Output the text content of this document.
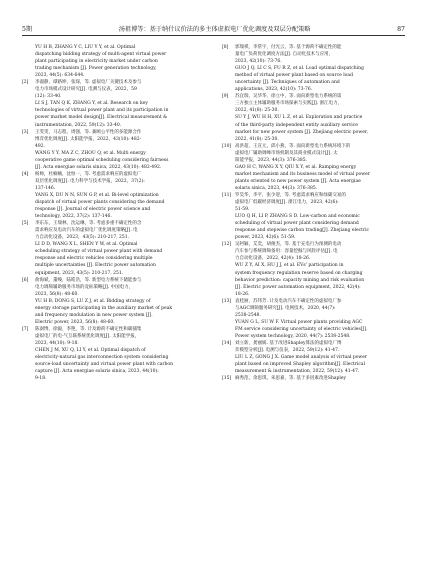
5期	汤祖博等：基于纳什议价法的多主体虚拟电厂优化调度及双层分配策略	87
YU H B, ZHANG Y C, LIU Y Y, et al. Optimal
dispatching bidding strategy of multi-agent virtual power
plant participating in electricity market under carbon
trading mechanism [J]. Power generation technology,
2023, 44(5): 634-644.
[2]	李淑静，谭路坤，张琛，等. 虚拟电厂关键技术及参与
电力市场模式设计研究[J]. 电测与仪表，2022，59
(12): 33-40.
LI S J, TAN Q K, ZHANG Y, et al. Research on key
technologies of virtual power plant and its participation in
power market model design[J]. Electrical measurement &
instrumentation, 2022, 59(12): 33-40.
[3]	王雯雯，马志程，周强，等. 兼顾公平性的多能源合作
博弈优化调度[J]. 太阳能学报，2022，43(10): 482-
492.
WANG Y Y, MA Z C, ZHOU Q, et al. Multi energy
cooperative game optimal scheduling considering fairness
[J]. Acta energiae solaris sinica, 2022, 43(10): 482-492.
[4]	杨帅，杜楠楠，沈恒一，等. 考虑需求响应的虚拟电厂
双层优化调度[J]. 电力科学与技术学报，2022，37(2):
137-146.
YANG X, DU N N, SUN G P, et al. Bi-level optimization
dispatch of virtual power plants considering the demand
response [J]. Journal of electric power science and
technology, 2022, 37(2): 137-146.
[5]	李东东，王瑞林，沈运琳，等. 考虑多重不确定性的含
需求响应及电动汽车的虚拟电厂优化调度策略[J]. 电
力自动化设备，2023，43(5): 210-217, 251.
LI D D, WANG X L, SHEN Y W, et al. Optimal
scheduling strategy of virtual power plant with demand
response and electric vehicles considering multiple
multiple uncertainties [J]. Electric power automation
equipment, 2023, 43(5): 210-217, 251.
[6]	俞海斌，董峻，陆皓浩，等. 新型电力系统下储能参与
电力调频辅助服务市场的竞标策略[J]. 中国电力，
2023, 56(8): 48-60.
YU H B, DONG S, LU Z J, et al. Bidding strategy of
energy storage participating in the auxiliary market of peak
and frequency modulation in new power system [J].
Electric power, 2023, 56(8): 48-60.
[7]	陈澍博，徐毅，李艳，等. 计及源荷不确定性和碳捕集
虚拟电厂的电-气互联系统优化调度[J]. 太阳能学报，
2023, 44(10): 9-18.
CHEN J M, XU Q, LI Y, et al. Optimal dispatch of
electricity-natural gas interconnection system considering
source-load uncertainty and virtual power plant with carbon
capture [J]. Acta energiae solaris sinica, 2023, 44(10):
9-18.
[8]	郭瑞祺，李常宇，付光云，等. 基于源荷不确定性的能
量电广负荷优化调度方法[J]. 自动化技术与应用，
2023, 42(10): 73-76.
GUO J Q, LI C S, FU R Z, et al. Load optimal dispatching
method of virtual power plant based on source load
uncertainty [J]. Techniques of automation and
applications, 2023, 42(10): 73-76.
[9]	苏宜瑞，吴华华，徐立中，等. 面向新型电力系统的第
三方独立主体辅助服务市场探索与实践[J]. 浙江电力，
2022, 41(8): 25-30.
SU Y J, WU H H, XU L Z, et al. Exploration and practice
of the third-party independent entity auxiliary service
market for new power system [J]. Zhejiang electric power,
2022, 41(8): 25-30.
[10] 高洪超，王宣元，邱小燕，等. 面向新型电力系统环境下的
虚拟电厂辅助调峰市场机制及其商业模式设计[J]. 太
阳能学报，2023, 44(3): 376-385.
GAO H C, WANG X Y, QIU X Y, et al. Ramping energy
market mechanism and its business model of virtual power
plants oriented to new power system [J]. Acta energiae
solaris sinica, 2023, 44(3): 376-385.
[11] 罗昊华，李平，张少迎，等. 考虑需求响应和绿碳交易的
虚拟电厂低碳经济调度[J]. 浙江电力，2023, 42(6):
51-59.
LUO Q H, LI P, ZHANG S D. Low-carbon and economic
scheduling of virtual power plant considering demand
response and stepwise carbon trading[J]. Zhejiang electric
power, 2023, 42(6): 51-59.
[12] 吴阿颖，艾奕，胡俊杰，等. 基于充电行为预测的电动
汽车参与系统调频备用：容量挖掘与风险评估[J]. 电
力自动化设备，2022, 42(4): 18-26.
WU Z Y, AI X, HU J J, et al. EVs' participation in
system frequency regulation reserve based on charging
behavior prediction: capacity mining and risk evaluation
[J]. Electric power automation equipment, 2022, 42(4):
18-26.
[13] 袁桂丽，苏伟芳. 计及电动汽车不确定性的虚拟电厂参
与AGC调频服务研究[J]. 电网技术，2020, 44(7):
2538-2548.
YUAN G L, SU W F. Virtual power plants providing AGC
FM service considering uncertainty of electric vehicles[J].
Power system technology, 2020, 44(7): 2538-2548.
[14] 刘立新，龚丽嫣. 基于改进Shapley算法的虚拟电厂博
弈模型分析[J]. 电测与仪表，2022, 59(12): 41-47.
LIU L Z, GONG J X. Game model analysis of virtual power
plant based on improved Shapley algorithm[J]. Electrical
measurement & instrumentation, 2022, 59(12): 41-47.
[15] 麻秀范，余思琪，朱思嘉，等. 基于多因素改进Shapley
